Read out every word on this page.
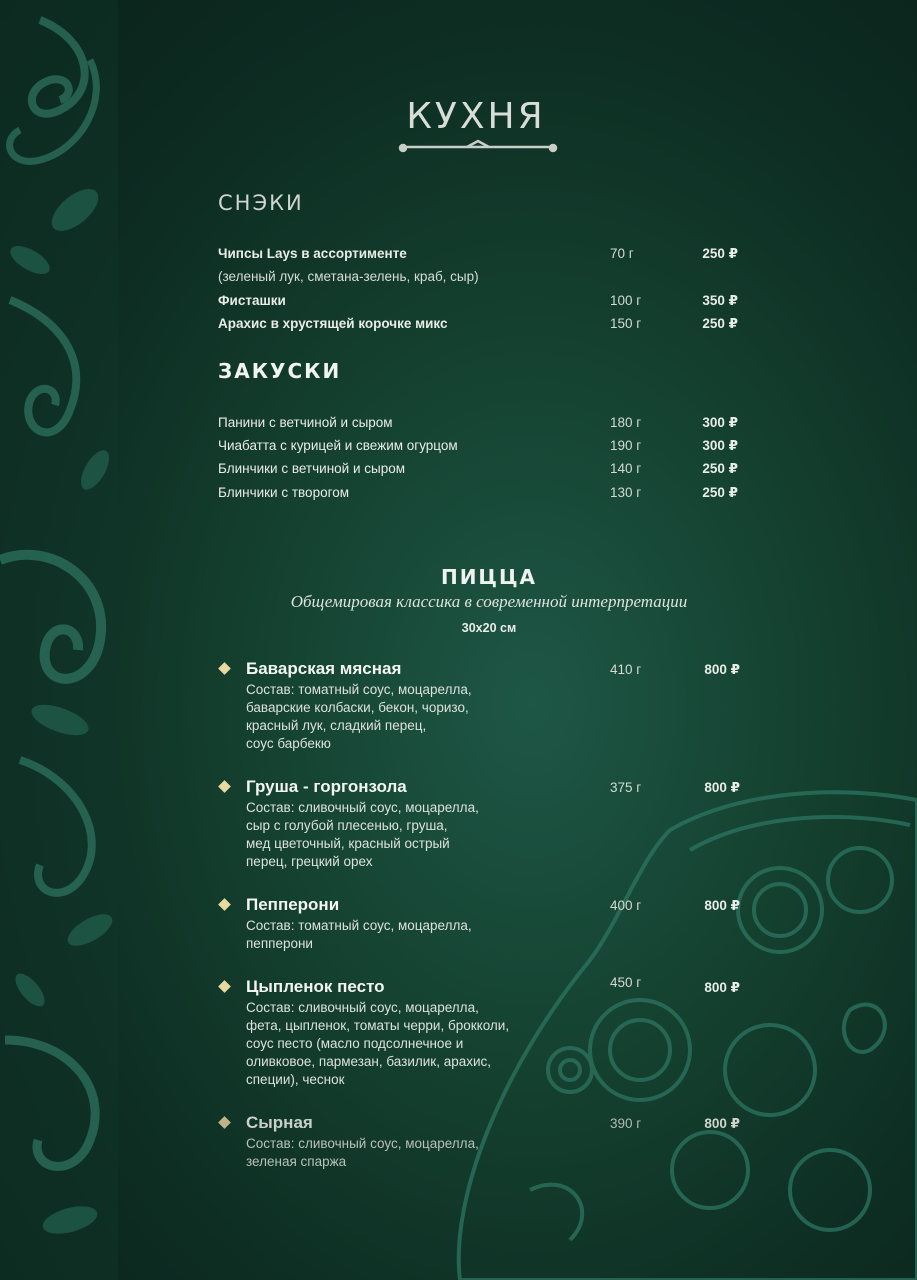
КУХНЯ
СНЭКИ
Чипсы Lays в ассортименте	70 г	250 ₽
(зеленый лук, сметана-зелень, краб, сыр)
Фисташки	100 г	350 ₽
Арахис в хрустящей корочке микс	150 г	250 ₽
ЗАКУСКИ
Панини с ветчиной и сыром	180 г	300 ₽
Чиабатта с курицей и свежим огурцом	190 г	300 ₽
Блинчики с ветчиной и сыром	140 г	250 ₽
Блинчики с творогом	130 г	250 ₽
ПИЦЦА
Общемировая классика в современной интерпретации
30х20 см
Баварская мясная	410 г	800 ₽
Состав: томатный соус, моцарелла,
баварские колбаски, бекон, чоризо,
красный лук, сладкий перец,
соус барбекю
Груша - горгонзола	375 г	800 ₽
Состав: сливочный соус, моцарелла,
сыр с голубой плесенью, груша,
мед цветочный, красный острый
перец, грецкий орех
Пепперони	400 г	800 ₽
Состав: томатный соус, моцарелла,
пепперони
Цыпленок песто	450 г	800 ₽
Состав: сливочный соус, моцарелла,
фета, цыпленок, томаты черри, брокколи,
соус песто (масло подсолнечное и
оливковое, пармезан, базилик, арахис,
специи), чеснок
Сырная	390 г	800 ₽
Состав: сливочный соус, моцарелла,
зеленая спаржа
